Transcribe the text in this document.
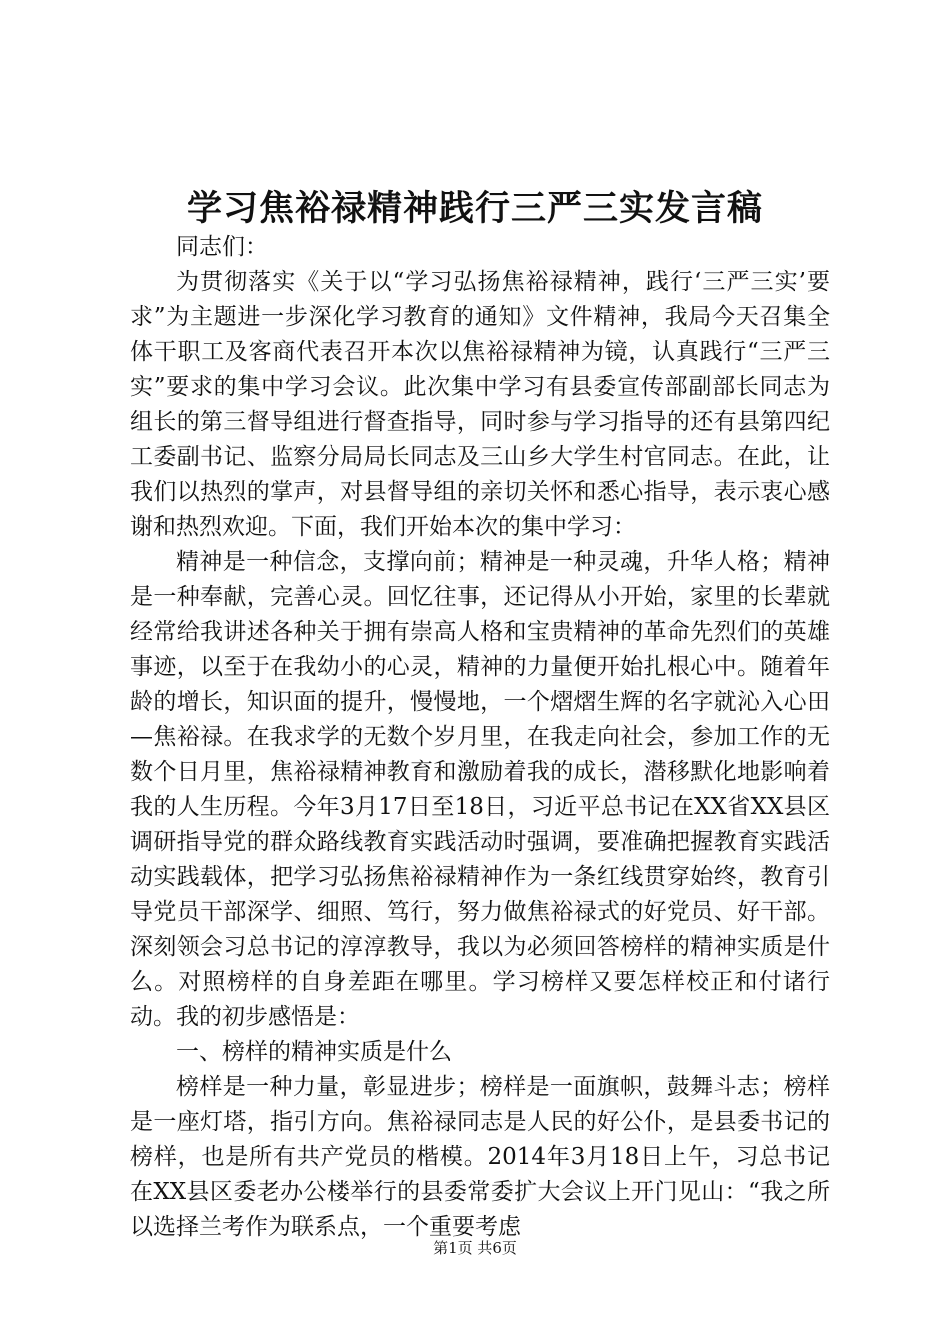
学习焦裕禄精神践行三严三实发言稿

同志们：

为贯彻落实《关于以“学习弘扬焦裕禄精神，践行‘三严三实’要求”为主题进一步深化学习教育的通知》文件精神，我局今天召集全体干职工及客商代表召开本次以焦裕禄精神为镜，认真践行“三严三实”要求的集中学习会议。此次集中学习有县委宣传部副部长同志为组长的第三督导组进行督查指导，同时参与学习指导的还有县第四纪工委副书记、监察分局局长同志及三山乡大学生村官同志。在此，让我们以热烈的掌声，对县督导组的亲切关怀和悉心指导，表示衷心感谢和热烈欢迎。下面，我们开始本次的集中学习：

精神是一种信念，支撑向前；精神是一种灵魂，升华人格；精神是一种奉献，完善心灵。回忆往事，还记得从小开始，家里的长辈就经常给我讲述各种关于拥有崇高人格和宝贵精神的革命先烈们的英雄事迹，以至于在我幼小的心灵，精神的力量便开始扎根心中。随着年龄的增长，知识面的提升，慢慢地，一个熠熠生辉的名字就沁入心田—焦裕禄。在我求学的无数个岁月里，在我走向社会，参加工作的无数个日月里，焦裕禄精神教育和激励着我的成长，潜移默化地影响着我的人生历程。今年3月17日至18日，习近平总书记在XX省XX县区调研指导党的群众路线教育实践活动时强调，要准确把握教育实践活动实践载体，把学习弘扬焦裕禄精神作为一条红线贯穿始终，教育引导党员干部深学、细照、笃行，努力做焦裕禄式的好党员、好干部。深刻领会习总书记的淳淳教导，我以为必须回答榜样的精神实质是什么。对照榜样的自身差距在哪里。学习榜样又要怎样校正和付诸行动。我的初步感悟是：

一、榜样的精神实质是什么

榜样是一种力量，彰显进步；榜样是一面旗帜，鼓舞斗志；榜样是一座灯塔，指引方向。焦裕禄同志是人民的好公仆，是县委书记的榜样，也是所有共产党员的楷模。2014年3月18日上午，习总书记在XX县区委老办公楼举行的县委常委扩大会议上开门见山：“我之所以选择兰考作为联系点，一个重要考虑

第1页 共6页
